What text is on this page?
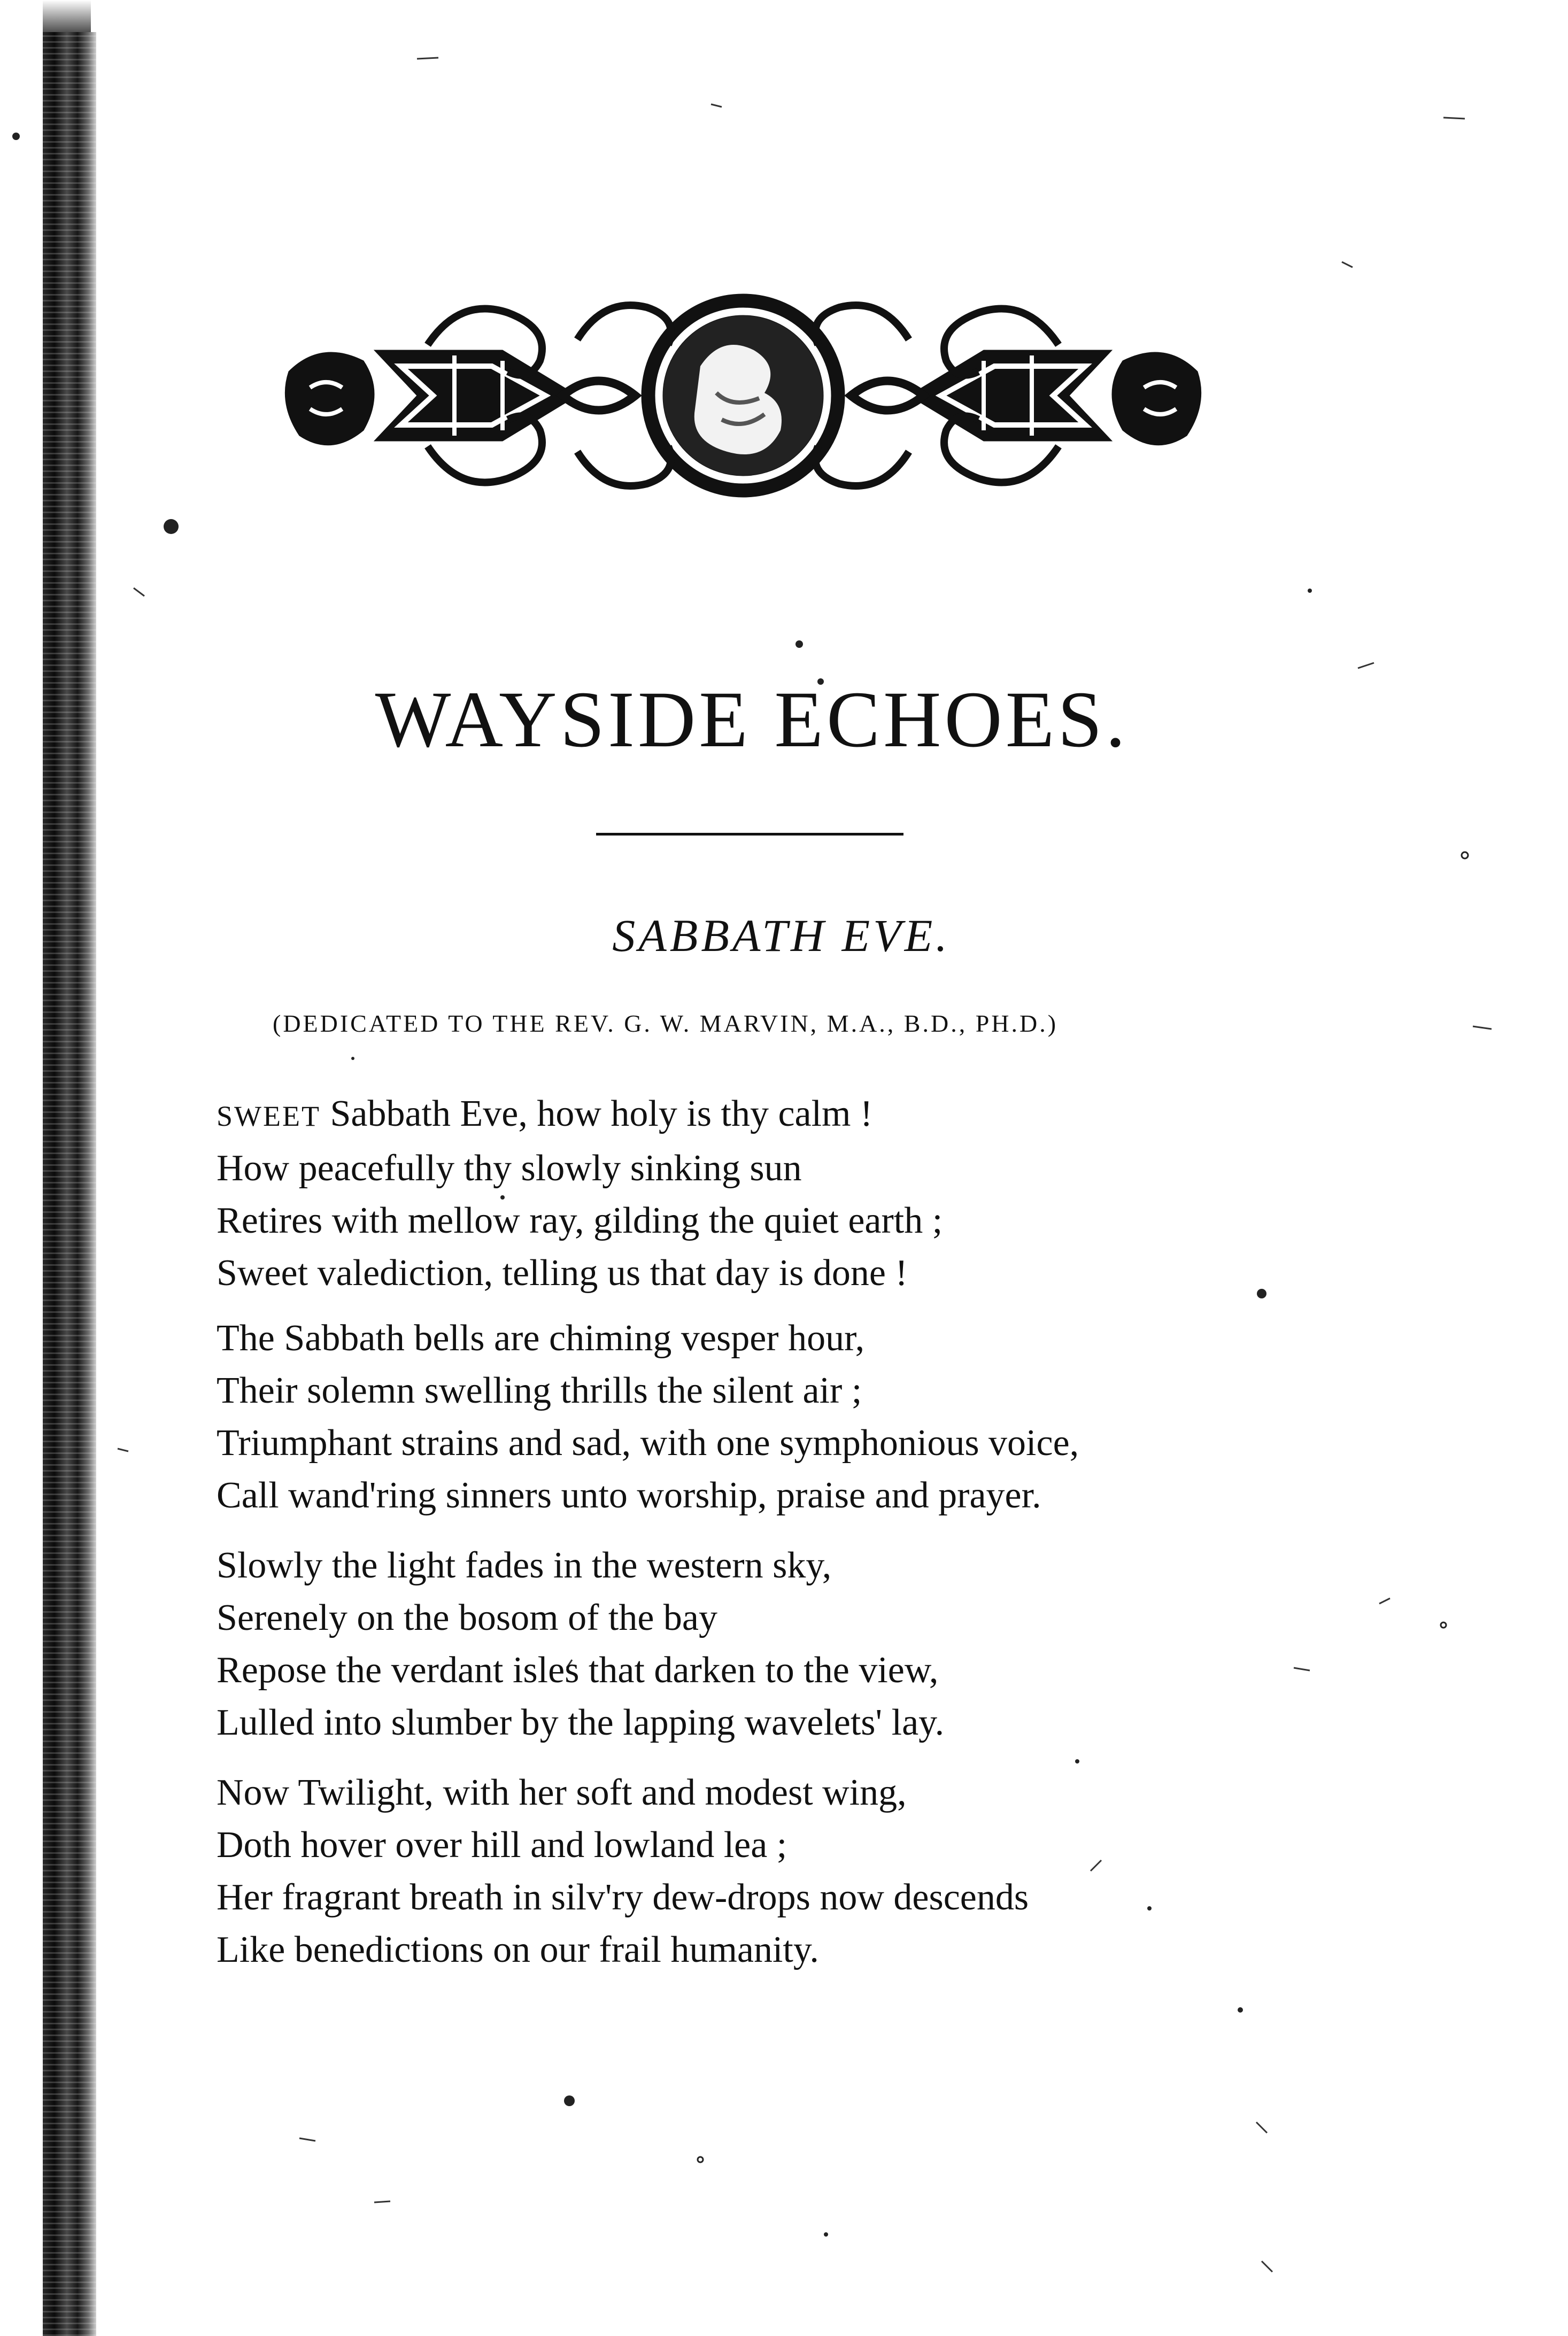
WAYSIDE ECHOES.
SABBATH EVE.
(DEDICATED TO THE REV. G. W. MARVIN, M.A., B.D., PH.D.)
SWEET Sabbath Eve, how holy is thy calm !
How peacefully thy slowly sinking sun
Retires with mellow ray, gilding the quiet earth ;
Sweet valediction, telling us that day is done !
The Sabbath bells are chiming vesper hour,
Their solemn swelling thrills the silent air ;
Triumphant strains and sad, with one symphonious voice,
Call wand'ring sinners unto worship, praise and prayer.
Slowly the light fades in the western sky,
Serenely on the bosom of the bay
Repose the verdant isles that darken to the view,
Lulled into slumber by the lapping wavelets' lay.
Now Twilight, with her soft and modest wing,
Doth hover over hill and lowland lea ;
Her fragrant breath in silv'ry dew-drops now descends
Like benedictions on our frail humanity.
